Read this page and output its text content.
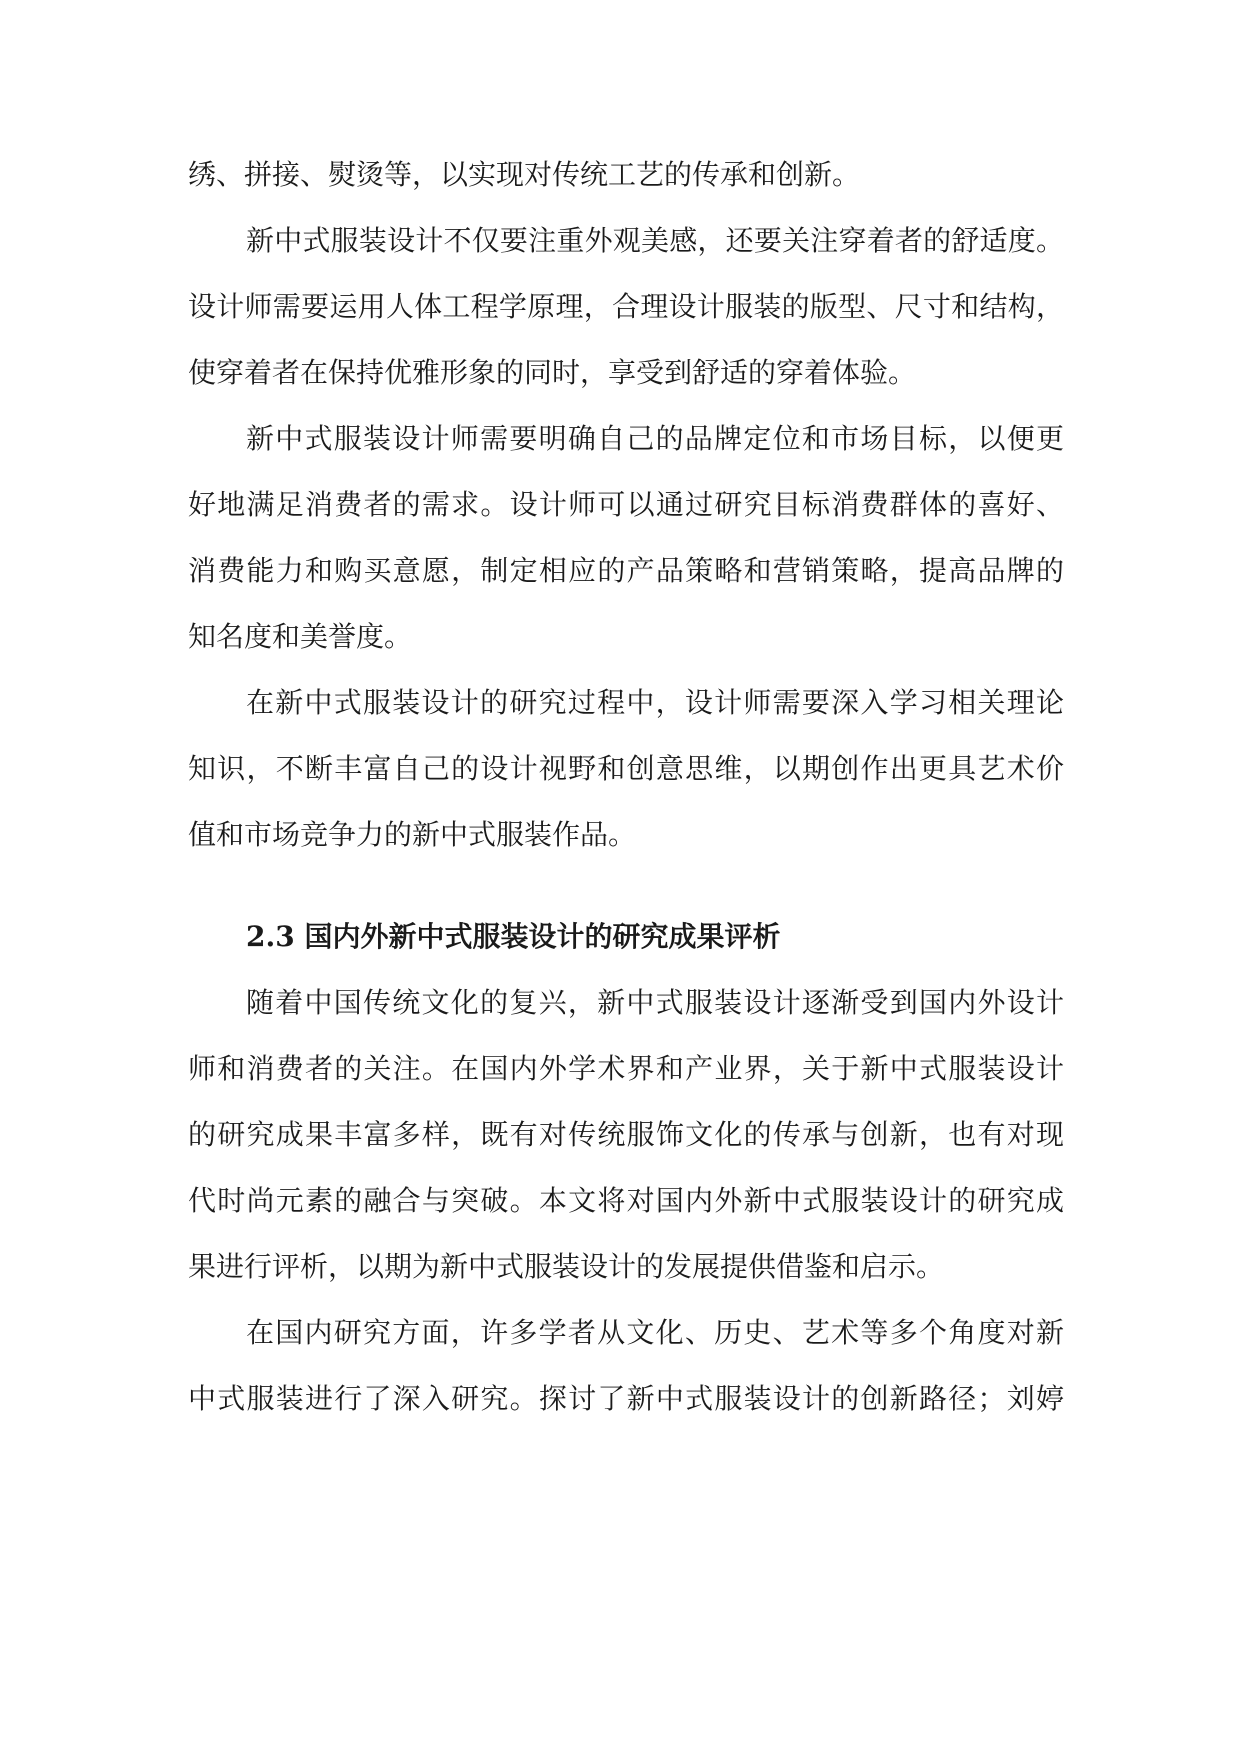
绣、拼接、熨烫等，以实现对传统工艺的传承和创新。
新中式服装设计不仅要注重外观美感，还要关注穿着者的舒适度。
设计师需要运用人体工程学原理，合理设计服装的版型、尺寸和结构，
使穿着者在保持优雅形象的同时，享受到舒适的穿着体验。
新中式服装设计师需要明确自己的品牌定位和市场目标，以便更
好地满足消费者的需求。设计师可以通过研究目标消费群体的喜好、
消费能力和购买意愿，制定相应的产品策略和营销策略，提高品牌的
知名度和美誉度。
在新中式服装设计的研究过程中，设计师需要深入学习相关理论
知识，不断丰富自己的设计视野和创意思维，以期创作出更具艺术价
值和市场竞争力的新中式服装作品。
2.3 国内外新中式服装设计的研究成果评析
随着中国传统文化的复兴，新中式服装设计逐渐受到国内外设计
师和消费者的关注。在国内外学术界和产业界，关于新中式服装设计
的研究成果丰富多样，既有对传统服饰文化的传承与创新，也有对现
代时尚元素的融合与突破。本文将对国内外新中式服装设计的研究成
果进行评析，以期为新中式服装设计的发展提供借鉴和启示。
在国内研究方面，许多学者从文化、历史、艺术等多个角度对新
中式服装进行了深入研究。探讨了新中式服装设计的创新路径；刘婷
